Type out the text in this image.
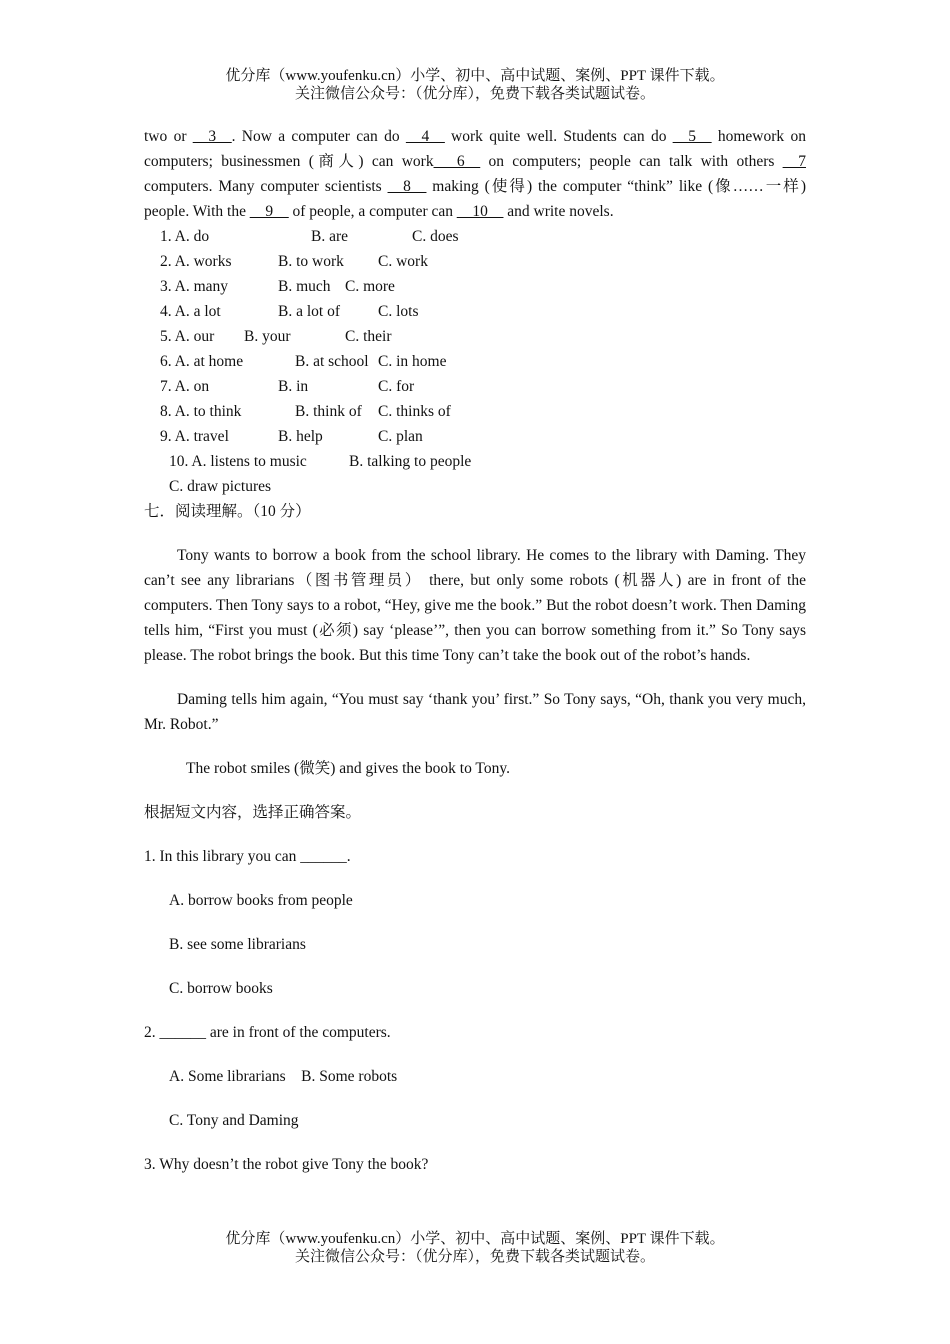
优分库（www.youfenku.cn）小学、初中、高中试题、案例、PPT 课件下载。
关注微信公众号：（优分库），免费下载各类试题试卷。

two or __3__. Now a computer can do __4__ work quite well. Students can do __5__ homework on computers; businessmen (商人) can work___6__ on computers; people can talk with others __7 computers. Many computer scientists __8__ making (使得) the computer “think” like (像……一样) people. With the __9__ of people, a computer can __10__ and write novels.

1. A. do	B. are	C. does
2. A. works	B. to work C. work
3. A. many	B. much C. more
4. A. a lot	B. a lot of C. lots
5. A. our B. your	C. their
6. A. at home	B. at school C. in home
7. A. on	B. in	C. for
8. A. to think	B. think of C. thinks of
9. A. travel	B. help	C. plan
10. A. listens to music	B. talking to people
C. draw pictures

七．阅读理解。（10 分）

Tony wants to borrow a book from the school library. He comes to the library with Daming. They can’t see any librarians（图书管理员） there, but only some robots (机器人) are in front of the computers. Then Tony says to a robot, “Hey, give me the book.” But the robot doesn’t work. Then Daming tells him, “First you must (必须) say ‘please’”, then you can borrow something from it.” So Tony says please. The robot brings the book. But this time Tony can’t take the book out of the robot’s hands.

Daming tells him again, “You must say ‘thank you’ first.” So Tony says, “Oh, thank you very much, Mr. Robot.”

The robot smiles (微笑) and gives the book to Tony.

根据短文内容，选择正确答案。

1. In this library you can ______.

A. borrow books from people

B. see some librarians

C. borrow books

2. ______ are in front of the computers.

A. Some librarians    B. Some robots

C. Tony and Daming

3. Why doesn’t the robot give Tony the book?

优分库（www.youfenku.cn）小学、初中、高中试题、案例、PPT 课件下载。
关注微信公众号：（优分库），免费下载各类试题试卷。
